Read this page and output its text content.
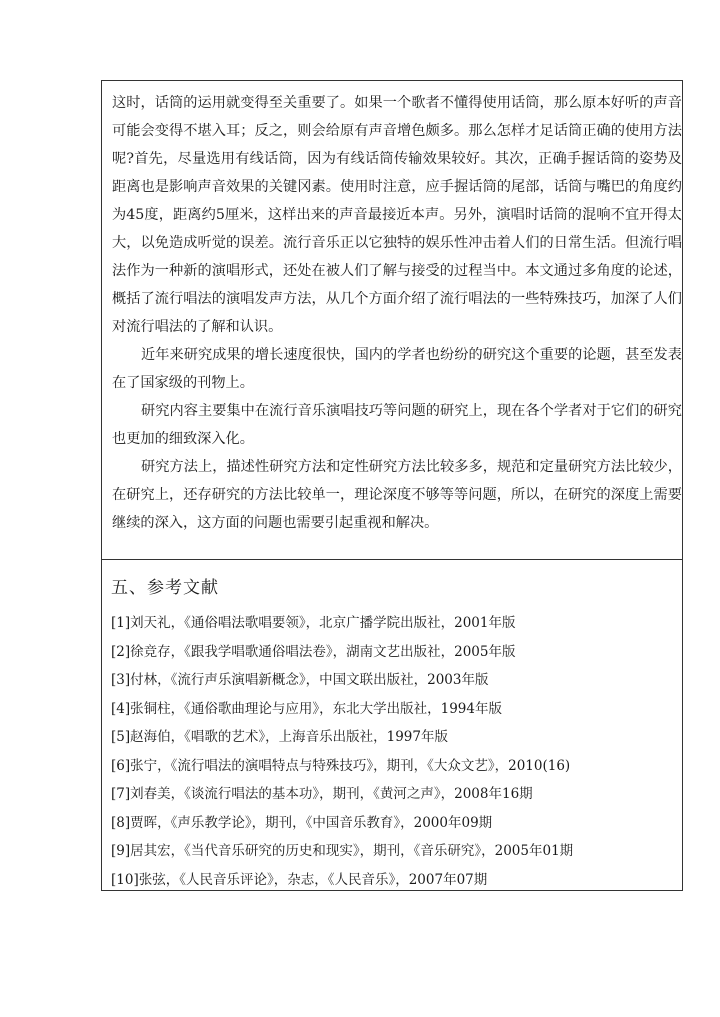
这时，话筒的运用就变得至关重要了。如果一个歌者不懂得使用话筒，那么原本好听的声音可能会变得不堪入耳；反之，则会给原有声音增色颇多。那么怎样才足话筒正确的使用方法呢?首先，尽量选用有线话筒，因为有线话筒传输效果较好。其次，正确手握话筒的姿势及距离也是影响声音效果的关键冈素。使用时注意，应手握话筒的尾部，话筒与嘴巴的角度约为45度，距离约5厘米，这样出来的声音最接近本声。另外，演唱时话筒的混响不宜开得太大，以免造成听觉的误差。流行音乐正以它独特的娱乐性冲击着人们的日常生活。但流行唱法作为一种新的演唱形式，还处在被人们了解与接受的过程当中。本文通过多角度的论述，概括了流行唱法的演唱发声方法，从几个方面介绍了流行唱法的一些特殊技巧，加深了人们对流行唱法的了解和认识。

近年来研究成果的增长速度很快，国内的学者也纷纷的研究这个重要的论题，甚至发表在了国家级的刊物上。

研究内容主要集中在流行音乐演唱技巧等问题的研究上，现在各个学者对于它们的研究也更加的细致深入化。

研究方法上，描述性研究方法和定性研究方法比较多多，规范和定量研究方法比较少，在研究上，还存研究的方法比较单一，理论深度不够等等问题，所以，在研究的深度上需要继续的深入，这方面的问题也需要引起重视和解决。

五、参考文献
[1]刘天礼，《通俗唱法歌唱要领》，北京广播学院出版社，2001年版
[2]徐竞存，《跟我学唱歌通俗唱法卷》，湖南文艺出版社，2005年版
[3]付林，《流行声乐演唱新概念》，中国文联出版社，2003年版
[4]张铜柱，《通俗歌曲理论与应用》，东北大学出版社，1994年版
[5]赵海伯，《唱歌的艺术》，上海音乐出版社，1997年版
[6]张宁，《流行唱法的演唱特点与特殊技巧》，期刊，《大众文艺》，2010(16)
[7]刘春美，《谈流行唱法的基本功》，期刊，《黄河之声》，2008年16期
[8]贾晖，《声乐教学论》，期刊，《中国音乐教育》，2000年09期
[9]居其宏，《当代音乐研究的历史和现实》，期刊，《音乐研究》，2005年01期
[10]张弦，《人民音乐评论》，杂志，《人民音乐》，2007年07期
